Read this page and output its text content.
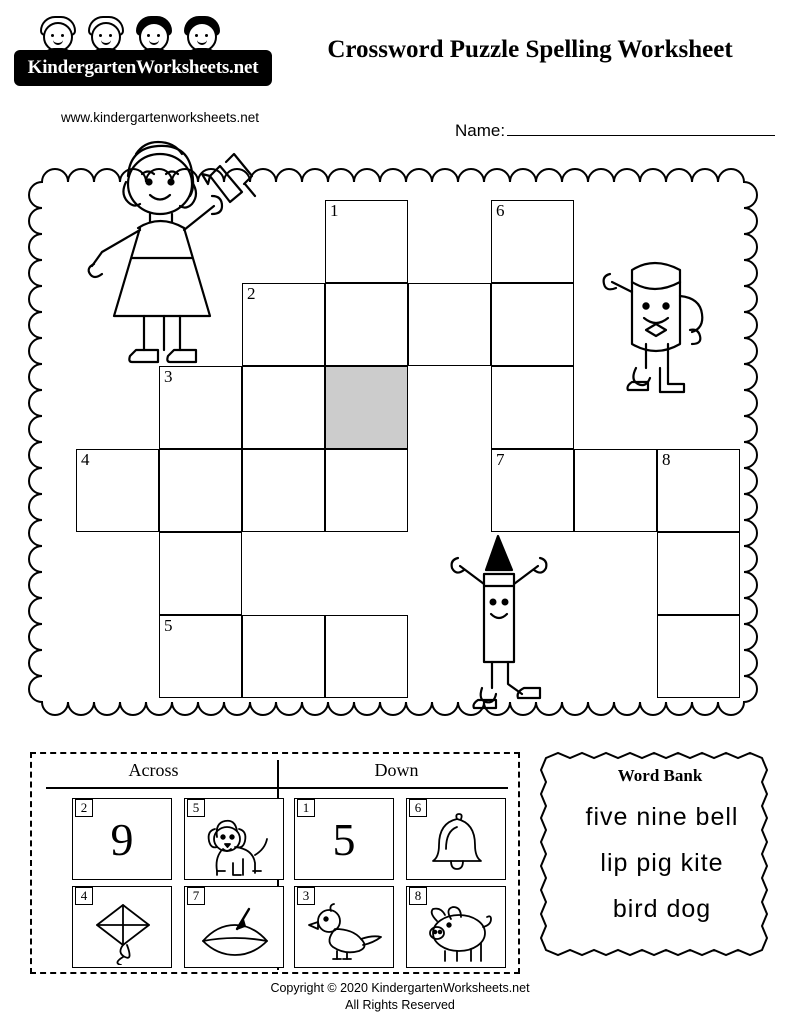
KindergartenWorksheets.net
www.kindergartenworksheets.net
Crossword Puzzle Spelling Worksheet
Name:
1	6
2
3
4	7	8
5
Across	Down
2
9
5
4	7
1
5
6
3	8
Word Bank
five nine bell
lip pig kite
bird dog
Copyright © 2020 KindergartenWorksheets.net
All Rights Reserved
